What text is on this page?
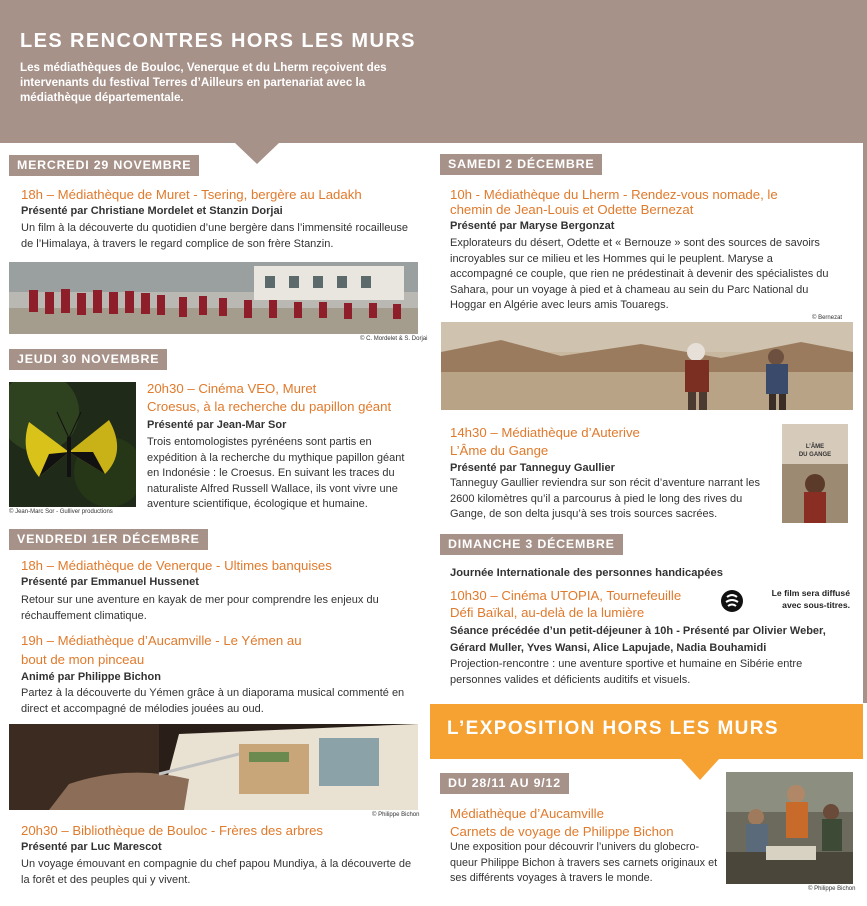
LES RENCONTRES HORS LES MURS
Les médiathèques de Bouloc, Venerque et du Lherm reçoivent des intervenants du festival Terres d’Ailleurs en partenariat avec la médiathèque départementale.
MERCREDI 29 NOVEMBRE
18h – Médiathèque de Muret - Tsering, bergère au Ladakh
Présenté par Christiane Mordelet et Stanzin Dorjai
Un film à la découverte du quotidien d’une bergère dans l’immensité rocailleuse de l’Himalaya, à travers le regard complice de son frère Stanzin.
© C. Mordelet & S. Dorjai
JEUDI 30 NOVEMBRE
© Jean-Marc Sor - Gulliver productions
20h30 – Cinéma VEO, Muret
Croesus, à la recherche du papillon géant
Présenté par Jean-Mar Sor
Trois entomologistes pyrénéens sont partis en expédition à la recherche du mythique papillon géant en Indonésie : le Croesus. En suivant les traces du naturaliste Alfred Russell Wallace, ils vont vivre une aventure scientifique, écologique et humaine.
VENDREDI 1ER DÉCEMBRE
18h – Médiathèque de Venerque - Ultimes banquises
Présenté par Emmanuel Hussenet
Retour sur une aventure en kayak de mer pour comprendre les enjeux du réchauffement climatique.
19h – Médiathèque d’Aucamville - Le Yémen au
bout de mon pinceau
Animé par Philippe Bichon
Partez à la découverte du Yémen grâce à un diaporama musical commenté en direct et accompagné de mélodies jouées au oud.
© Philippe Bichon
20h30 – Bibliothèque de Bouloc - Frères des arbres
Présenté par Luc Marescot
Un voyage émouvant en compagnie du chef papou Mundiya, à la découverte de la forêt et des peuples qui y vivent.
SAMEDI 2 DÉCEMBRE
10h - Médiathèque du Lherm - Rendez-vous nomade, le
chemin de Jean-Louis et Odette Bernezat
Présenté par Maryse Bergonzat
Explorateurs du désert, Odette et « Bernouze » sont des sources de savoirs incroyables sur ce milieu et les Hommes qui le peuplent. Maryse a accompagné ce couple, que rien ne prédestinait à devenir des spécialistes du Sahara, pour un voyage à pied et à chameau au sein du Parc National du Hoggar en Algérie avec leurs amis Touaregs.
© Bernezat
14h30 – Médiathèque d’Auterive
L’Âme du Gange
Présenté par Tanneguy Gaullier
Tanneguy Gaullier reviendra sur son récit d’aventure narrant les 2600 kilomètres qu’il a parcourus à pied le long des rives du Gange, de son delta jusqu’à ses trois sources sacrées.
L’ÂME
DU GANGE
DIMANCHE 3 DÉCEMBRE
Journée Internationale des personnes handicapées
10h30 – Cinéma UTOPIA, Tournefeuille
Défi Baïkal, au-delà de la lumière
Le film sera diffusé avec sous-titres.
Séance précédée d’un petit-déjeuner à 10h - Présenté par Olivier Weber,
Gérard Muller, Yves Wansi, Alice Lapujade, Nadia Bouhamidi
Projection-rencontre : une aventure sportive et humaine en Sibérie entre personnes valides et déficients auditifs et visuels.
L’EXPOSITION HORS LES MURS
DU 28/11 AU 9/12
Médiathèque d’Aucamville
Carnets de voyage de Philippe Bichon
Une exposition pour découvrir l’univers du globecro-queur Philippe Bichon à travers ses carnets originaux et ses différents voyages à travers le monde.
© Philippe Bichon
